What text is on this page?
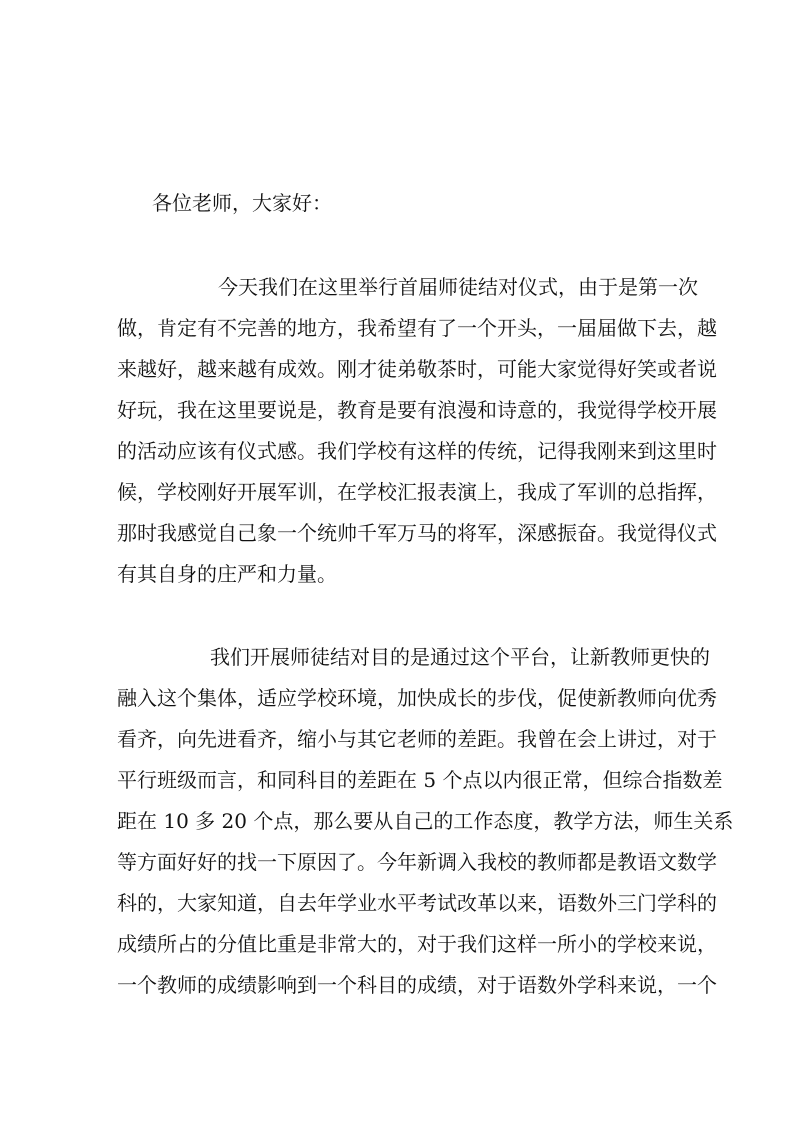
各位老师，大家好：
今天我们在这里举行首届师徒结对仪式，由于是第一次
做，肯定有不完善的地方，我希望有了一个开头，一届届做下去，越
来越好，越来越有成效。刚才徒弟敬茶时，可能大家觉得好笑或者说
好玩，我在这里要说是，教育是要有浪漫和诗意的，我觉得学校开展
的活动应该有仪式感。我们学校有这样的传统，记得我刚来到这里时
候，学校刚好开展军训，在学校汇报表演上，我成了军训的总指挥，
那时我感觉自己象一个统帅千军万马的将军，深感振奋。我觉得仪式
有其自身的庄严和力量。
我们开展师徒结对目的是通过这个平台，让新教师更快的
融入这个集体，适应学校环境，加快成长的步伐，促使新教师向优秀
看齐，向先进看齐，缩小与其它老师的差距。我曾在会上讲过，对于
平行班级而言，和同科目的差距在 5 个点以内很正常，但综合指数差
距在 10 多 20 个点，那么要从自己的工作态度，教学方法，师生关系
等方面好好的找一下原因了。今年新调入我校的教师都是教语文数学
科的，大家知道，自去年学业水平考试改革以来，语数外三门学科的
成绩所占的分值比重是非常大的，对于我们这样一所小的学校来说，
一个教师的成绩影响到一个科目的成绩，对于语数外学科来说，一个
